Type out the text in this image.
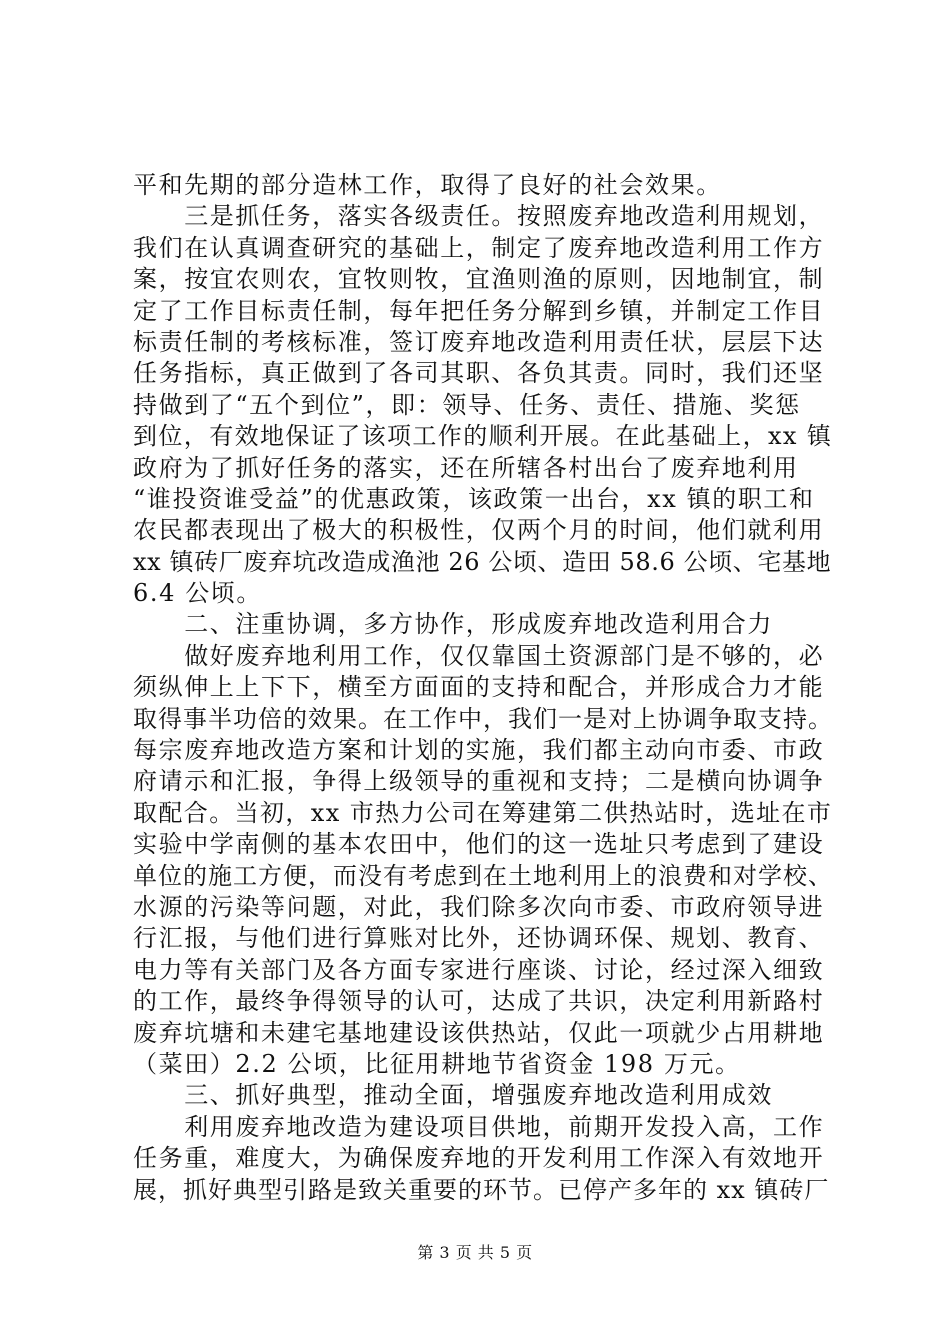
平和先期的部分造林工作，取得了良好的社会效果。
　　三是抓任务，落实各级责任。按照废弃地改造利用规划，
我们在认真调查研究的基础上，制定了废弃地改造利用工作方
案，按宜农则农，宜牧则牧，宜渔则渔的原则，因地制宜，制
定了工作目标责任制，每年把任务分解到乡镇，并制定工作目
标责任制的考核标准，签订废弃地改造利用责任状，层层下达
任务指标，真正做到了各司其职、各负其责。同时，我们还坚
持做到了“五个到位”，即：领导、任务、责任、措施、奖惩
到位，有效地保证了该项工作的顺利开展。在此基础上，xx 镇
政府为了抓好任务的落实，还在所辖各村出台了废弃地利用
“谁投资谁受益”的优惠政策，该政策一出台，xx 镇的职工和
农民都表现出了极大的积极性，仅两个月的时间，他们就利用
xx 镇砖厂废弃坑改造成渔池 26 公顷、造田 58.6 公顷、宅基地
6.4 公顷。
　　二、注重协调，多方协作，形成废弃地改造利用合力
　　做好废弃地利用工作，仅仅靠国土资源部门是不够的，必
须纵伸上上下下，横至方面面的支持和配合，并形成合力才能
取得事半功倍的效果。在工作中，我们一是对上协调争取支持。
每宗废弃地改造方案和计划的实施，我们都主动向市委、市政
府请示和汇报，争得上级领导的重视和支持；二是横向协调争
取配合。当初，xx 市热力公司在筹建第二供热站时，选址在市
实验中学南侧的基本农田中，他们的这一选址只考虑到了建设
单位的施工方便，而没有考虑到在土地利用上的浪费和对学校、
水源的污染等问题，对此，我们除多次向市委、市政府领导进
行汇报，与他们进行算账对比外，还协调环保、规划、教育、
电力等有关部门及各方面专家进行座谈、讨论，经过深入细致
的工作，最终争得领导的认可，达成了共识，决定利用新路村
废弃坑塘和未建宅基地建设该供热站，仅此一项就少占用耕地
（菜田）2.2 公顷，比征用耕地节省资金 198 万元。
　　三、抓好典型，推动全面，增强废弃地改造利用成效
　　利用废弃地改造为建设项目供地，前期开发投入高，工作
任务重，难度大，为确保废弃地的开发利用工作深入有效地开
展，抓好典型引路是致关重要的环节。已停产多年的 xx 镇砖厂
第 3 页 共 5 页
